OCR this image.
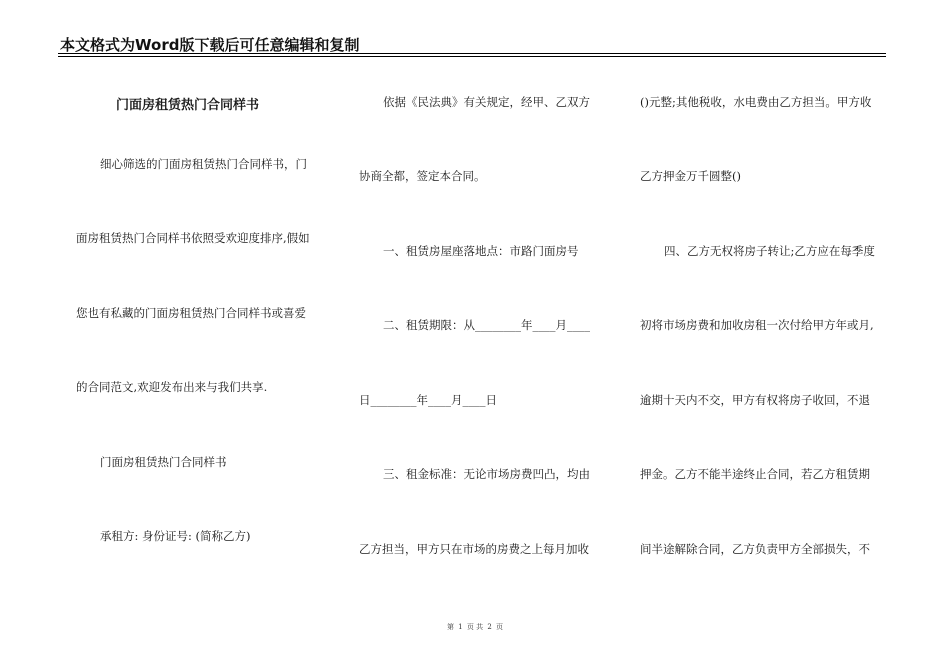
本文格式为Word版下载后可任意编辑和复制
门面房租赁热门合同样书
细心筛选的门面房租赁热门合同样书，门
面房租赁热门合同样书依照受欢迎度排序,假如
您也有私藏的门面房租赁热门合同样书或喜爱
的合同范文,欢迎发布出来与我们共享.
门面房租赁热门合同样书
承租方: 身份证号: (简称乙方)
依据《民法典》有关规定，经甲、乙双方
协商全都，签定本合同。
一、租赁房屋座落地点：市路门面房号
二、租赁期限：从________年____月____
日________年____月____日
三、租金标准：无论市场房费凹凸，均由
乙方担当，甲方只在市场的房费之上每月加收
()元整;其他税收，水电费由乙方担当。甲方收
乙方押金万千圆整()
四、乙方无权将房子转让;乙方应在每季度
初将市场房费和加收房租一次付给甲方年或月,
逾期十天内不交，甲方有权将房子收回，不退
押金。乙方不能半途终止合同，若乙方租赁期
间半途解除合同，乙方负责甲方全部损失，不
第 1 页 共 2 页
